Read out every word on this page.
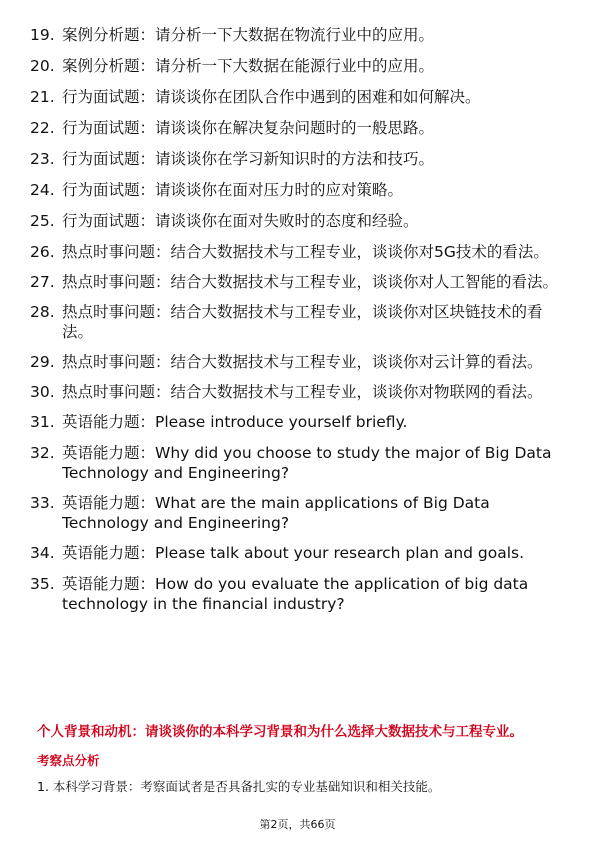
19. 案例分析题：请分析一下大数据在物流行业中的应用。
20. 案例分析题：请分析一下大数据在能源行业中的应用。
21. 行为面试题：请谈谈你在团队合作中遇到的困难和如何解决。
22. 行为面试题：请谈谈你在解决复杂问题时的一般思路。
23. 行为面试题：请谈谈你在学习新知识时的方法和技巧。
24. 行为面试题：请谈谈你在面对压力时的应对策略。
25. 行为面试题：请谈谈你在面对失败时的态度和经验。
26. 热点时事问题：结合大数据技术与工程专业，谈谈你对5G技术的看法。
27. 热点时事问题：结合大数据技术与工程专业，谈谈你对人工智能的看法。
28. 热点时事问题：结合大数据技术与工程专业，谈谈你对区块链技术的看法。
29. 热点时事问题：结合大数据技术与工程专业，谈谈你对云计算的看法。
30. 热点时事问题：结合大数据技术与工程专业，谈谈你对物联网的看法。
31. 英语能力题：Please introduce yourself briefly.
32. 英语能力题：Why did you choose to study the major of Big Data Technology and Engineering?
33. 英语能力题：What are the main applications of Big Data Technology and Engineering?
34. 英语能力题：Please talk about your research plan and goals.
35. 英语能力题：How do you evaluate the application of big data technology in the financial industry?
个人背景和动机：请谈谈你的本科学习背景和为什么选择大数据技术与工程专业。
考察点分析
1. 本科学习背景：考察面试者是否具备扎实的专业基础知识和相关技能。
第2页，共66页
